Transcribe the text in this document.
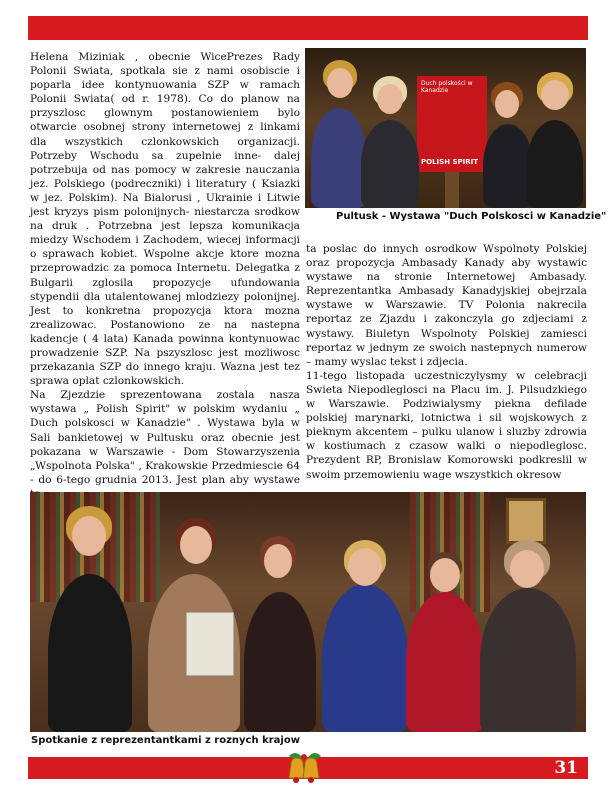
Helena Miziniak , obecnie WicePrezes Rady Polonii Swiata, spotkala sie z nami osobiscie i poparla idee kontynuowania SZP w ramach Polonii Swiata( od r. 1978). Co do planow na przyszlosc glownym postanowieniem bylo otwarcie osobnej strony internetowej z linkami dla wszystkich czlonkowskich organizacji. Potrzeby Wschodu sa zupelnie inne- dalej potrzebuja od nas pomocy w zakresie nauczania jez. Polskiego (podreczniki) i literatury ( Ksiazki w jez. Polskim). Na Bialorusi , Ukrainie i Litwie jest kryzys pism polonijnych- niestarcza srodkow na druk . Potrzebna jest lepsza komunikacja miedzy Wschodem i Zachodem, wiecej informacji o sprawach kobiet. Wspolne akcje ktore mozna przeprowadzic za pomoca Internetu. Delegatka z Bulgarii zglosila propozycje ufundowania stypendii dla utalentowanej mlodziezy polonijnej. Jest to konkretna propozycja ktora mozna zrealizowac. Postanowiono ze na nastepna kadencje ( 4 lata) Kanada powinna kontynuowac prowadzenie SZP. Na pszyszlosc jest mozliwosc przekazania SZP do innego kraju. Wazna jest tez sprawa oplat czlonkowskich.

Na Zjezdzie sprezentowana zostala nasza wystawa „ Polish Spirit" w polskim wydaniu „ Duch polskosci w Kanadzie" . Wystawa byla w Sali bankietowej w Pultusku oraz obecnie jest pokazana w Warszawie - Dom Stowarzyszenia „Wspolnota Polska" , Krakowskie Przedmiescie 64 - do 6-tego grudnia 2013. Jest plan aby wystawe

Duch polskości w Kanadzie
POLISH SPIRIT
Pultusk - Wystawa "Duch Polskosci w Kanadzie"

ta poslac do innych osrodkow Wspolnoty Polskiej oraz propozycja Ambasady Kanady aby wystawic wystawe na stronie Internetowej Ambasady. Reprezentantka Ambasady Kanadyjskiej obejrzala wystawe w Warszawie. TV Polonia nakrecila reportaz ze Zjazdu i zakonczyla go zdjeciami z wystawy. Biuletyn Wspolnoty Polskiej zamiesci reportaz w jednym ze swoich nastepnych numerow – mamy wyslac tekst i zdjecia.

11-tego listopada uczestniczylysmy w celebracji Swieta Niepodleglosci na Placu im. J. Pilsudzkiego w Warszawie. Podziwialysmy piekna defilade polskiej marynarki, lotnictwa i sil wojskowych z pieknym akcentem – pulku ulanow i sluzby zdrowia w kostiumach z czasow walki o niepodleglosc. Prezydent RP, Bronislaw Komorowski podkreslil w swoim przemowieniu wage wszystkich okresow

Spotkanie z reprezentantkami z roznych krajow
31
